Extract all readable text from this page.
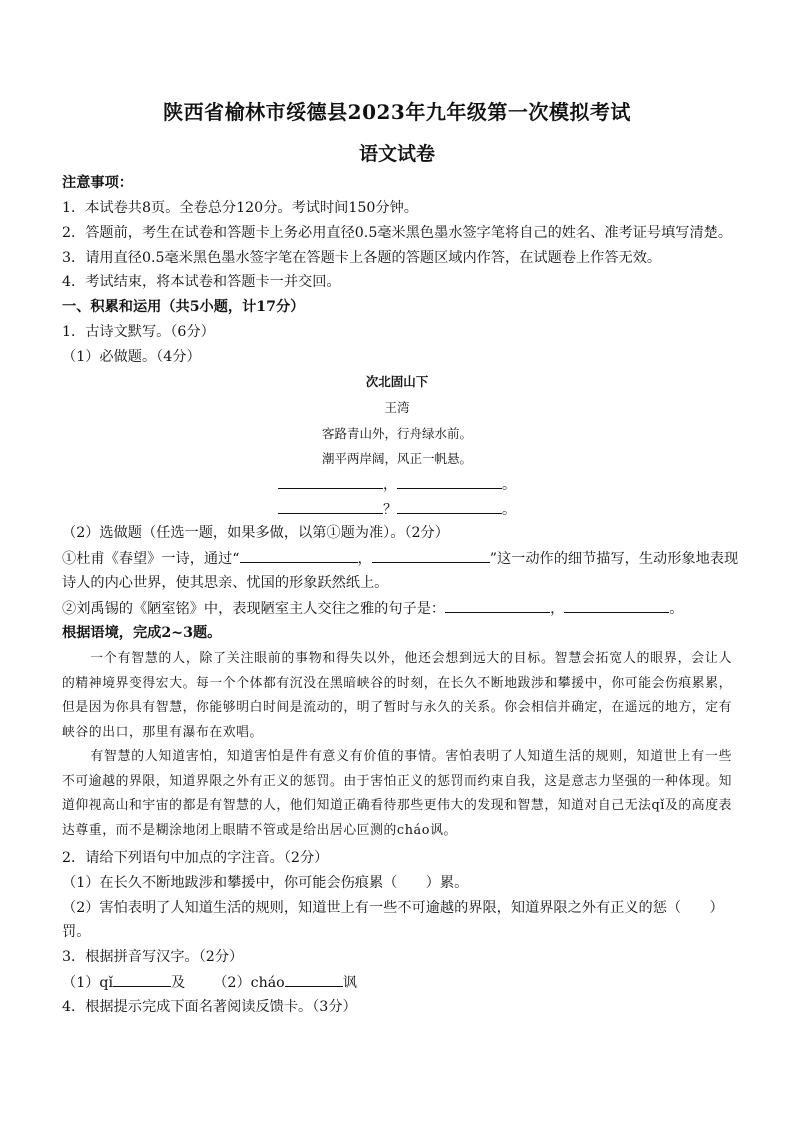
陕西省榆林市绥德县2023年九年级第一次模拟考试
语文试卷
注意事项：
1．本试卷共8页。全卷总分120分。考试时间150分钟。
2．答题前，考生在试卷和答题卡上务必用直径0.5毫米黑色墨水签字笔将自己的姓名、准考证号填写清楚。
3．请用直径0.5毫米黑色墨水签字笔在答题卡上各题的答题区域内作答，在试题卷上作答无效。
4．考试结束，将本试卷和答题卡一并交回。
一、积累和运用（共5小题，计17分）
1．古诗文默写。（6分）
（1）必做题。（4分）
次北固山下
王湾
客路青山外，行舟绿水前。
潮平两岸阔，风正一帆悬。
，	。
？	。
（2）选做题（任选一题，如果多做，以第①题为准）。（2分）
①杜甫《春望》一诗，通过“	，	”这一动作的细节描写，生动形象地表现
诗人的内心世界，使其思亲、忧国的形象跃然纸上。
②刘禹锡的《陋室铭》中，表现陋室主人交往之雅的句子是：	，	。
根据语境，完成2~3题。
一个有智慧的人，除了关注眼前的事物和得失以外，他还会想到远大的目标。智慧会拓宽人的眼界，会让人的精神境界变得宏大。每一个个体都有沉没在黑暗峡谷的时刻，在长久不断地跋涉和攀援中，你可能会伤痕累累，但是因为你具有智慧，你能够明白时间是流动的，明了暂时与永久的关系。你会相信并确定，在遥远的地方，定有峡谷的出口，那里有瀑布在欢唱。
有智慧的人知道害怕，知道害怕是件有意义有价值的事情。害怕表明了人知道生活的规则，知道世上有一些不可逾越的界限，知道界限之外有正义的惩罚。由于害怕正义的惩罚而约束自我，这是意志力坚强的一种体现。知道仰视高山和宇宙的都是有智慧的人，他们知道正确看待那些更伟大的发现和智慧，知道对自己无法qǐ及的高度表达尊重，而不是糊涂地闭上眼睛不管或是给出居心叵测的cháo讽。
2．请给下列语句中加点的字注音。（2分）
（1）在长久不断地跋涉和攀援中，你可能会伤痕累（　　）累。
（2）害怕表明了人知道生活的规则，知道世上有一些不可逾越的界限，知道界限之外有正义的惩（　　）
罚。
3．根据拼音写汉字。（2分）
（1）qǐ	及 （2）cháo	讽
4．根据提示完成下面名著阅读反馈卡。（3分）
